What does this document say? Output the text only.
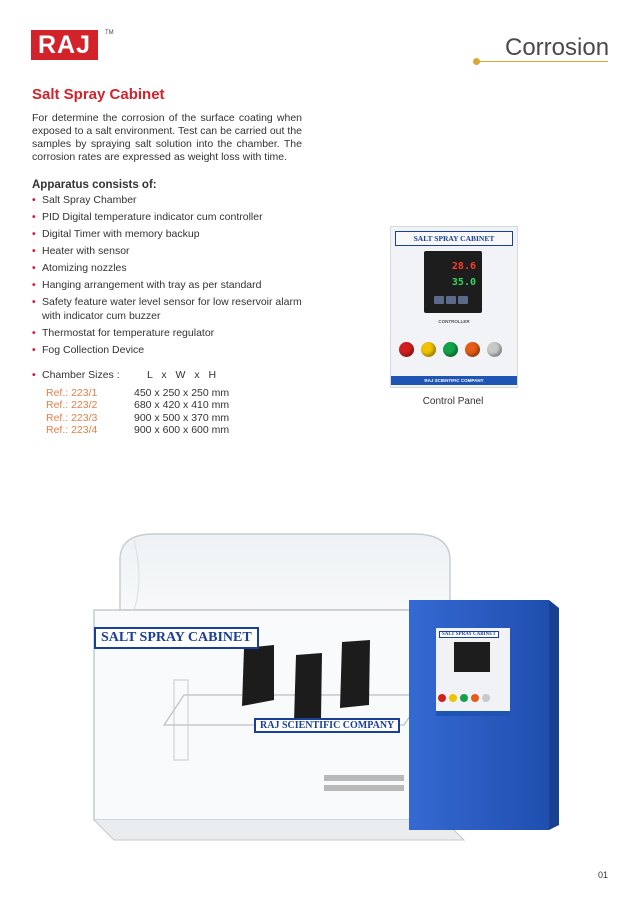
RAJ	TM
Corrosion
Salt Spray Cabinet
For determine the corrosion of the surface coating when exposed to a salt environment. Test can be carried out the samples by spraying salt solution into the chamber. The corrosion rates are expressed as weight loss with time.
Apparatus consists of:
• Salt Spray Chamber
• PID Digital temperature indicator cum controller
• Digital Timer with memory backup
• Heater with sensor
• Atomizing nozzles
• Hanging arrangement with tray as per standard
• Safety feature water level sensor for low reservoir alarm with indicator cum buzzer
• Thermostat for temperature regulator
• Fog Collection Device
• Chamber Sizes :	L x W x H
Ref.: 223/1	450 x 250 x 250 mm
Ref.: 223/2	680 x 420 x 410 mm
Ref.: 223/3	900 x 500 x 370 mm
Ref.: 223/4	900 x 600 x 600 mm
SALT SPRAY CABINET
28.6
35.0
CONTROLLER
RAJ SCIENTIFIC COMPANY
Control Panel
SALT SPRAY CABINET
RAJ SCIENTIFIC COMPANY
SALT SPRAY CABINET
01
